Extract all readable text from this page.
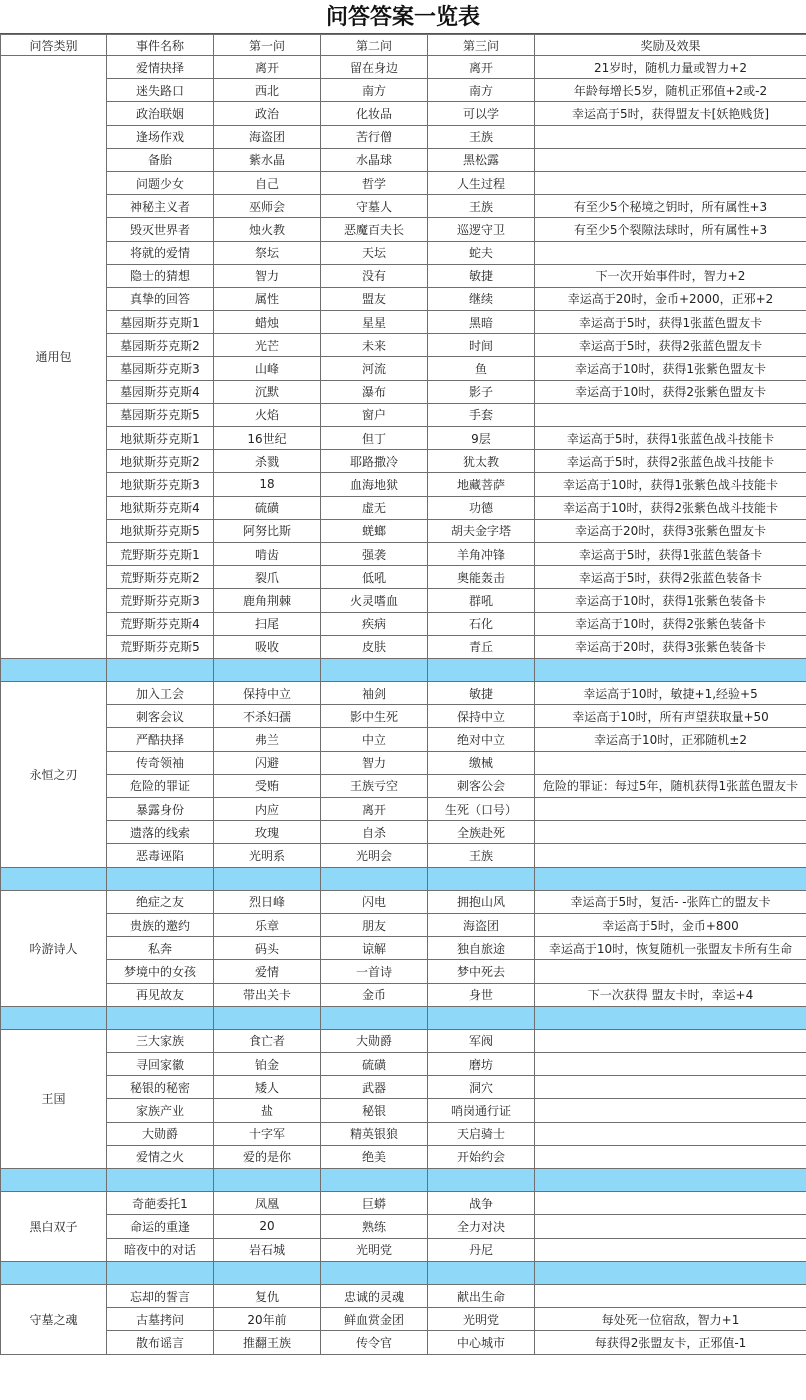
问答答案一览表
问答类别	事件名称	第一问	第二问	第三问	奖励及效果
通用包	爱情抉择	离开	留在身边	离开	21岁时，随机力量或智力+2
	迷失路口	西北	南方	南方	年龄每增长5岁，随机正邪值+2或-2
	政治联姻	政治	化妆品	可以学	幸运高于5时，获得盟友卡[妖艳贱货]
	逢场作戏	海盗团	苦行僧	王族	
	备胎	紫水晶	水晶球	黑松露	
	问题少女	自己	哲学	人生过程	
	神秘主义者	巫师会	守墓人	王族	有至少5个秘境之钥时，所有属性+3
	毁灭世界者	烛火教	恶魔百夫长	巡逻守卫	有至少5个裂隙法球时，所有属性+3
	将就的爱情	祭坛	天坛	蛇夫	
	隐士的猜想	智力	没有	敏捷	下一次开始事件时，智力+2
	真挚的回答	属性	盟友	继续	幸运高于20时，金币+2000，正邪+2
	墓园斯芬克斯1	蜡烛	星星	黑暗	幸运高于5时，获得1张蓝色盟友卡
	墓园斯芬克斯2	光芒	未来	时间	幸运高于5时，获得2张蓝色盟友卡
	墓园斯芬克斯3	山峰	河流	鱼	幸运高于10时，获得1张紫色盟友卡
	墓园斯芬克斯4	沉默	瀑布	影子	幸运高于10时，获得2张紫色盟友卡
	墓园斯芬克斯5	火焰	窗户	手套	
	地狱斯芬克斯1	16世纪	但丁	9层	幸运高于5时，获得1张蓝色战斗技能卡
	地狱斯芬克斯2	杀戮	耶路撒冷	犹太教	幸运高于5时，获得2张蓝色战斗技能卡
	地狱斯芬克斯3	18	血海地狱	地藏菩萨	幸运高于10时，获得1张紫色战斗技能卡
	地狱斯芬克斯4	硫磺	虚无	功德	幸运高于10时，获得2张紫色战斗技能卡
	地狱斯芬克斯5	阿努比斯	蜣螂	胡夫金字塔	幸运高于20时，获得3张紫色盟友卡
	荒野斯芬克斯1	啃齿	强袭	羊角冲锋	幸运高于5时，获得1张蓝色装备卡
	荒野斯芬克斯2	裂爪	低吼	奥能轰击	幸运高于5时，获得2张蓝色装备卡
	荒野斯芬克斯3	鹿角荆棘	火灵嗜血	群吼	幸运高于10时，获得1张紫色装备卡
	荒野斯芬克斯4	扫尾	疾病	石化	幸运高于10时，获得2张紫色装备卡
	荒野斯芬克斯5	吸收	皮肤	青丘	幸运高于20时，获得3张紫色装备卡

永恒之刃	加入工会	保持中立	袖剑	敏捷	幸运高于10时，敏捷+1,经验+5
	刺客会议	不杀妇孺	影中生死	保持中立	幸运高于10时，所有声望获取量+50
	严酷抉择	弗兰	中立	绝对中立	幸运高于10时，正邪随机±2
	传奇领袖	闪避	智力	缴械	
	危险的罪证	受贿	王族亏空	刺客公会	危险的罪证：每过5年，随机获得1张蓝色盟友卡
	暴露身份	内应	离开	生死（口号）	
	遗落的线索	玫瑰	自杀	全族赴死	
	恶毒诬陷	光明系	光明会	王族	

吟游诗人	绝症之友	烈日峰	闪电	拥抱山风	幸运高于5时，复活- -张阵亡的盟友卡
	贵族的邀约	乐章	朋友	海盗团	幸运高于5时，金币+800
	私奔	码头	谅解	独自旅途	幸运高于10时，恢复随机一张盟友卡所有生命
	梦境中的女孩	爱情	一首诗	梦中死去	
	再见故友	带出关卡	金币	身世	下一次获得 盟友卡时，幸运+4

王国	三大家族	食亡者	大勋爵	军阀	
	寻回家徽	铂金	硫磺	磨坊	
	秘银的秘密	矮人	武器	洞穴	
	家族产业	盐	秘银	哨岗通行证	
	大勋爵	十字军	精英银狼	天启骑士	
	爱情之火	爱的是你	绝美	开始约会	

黑白双子	奇葩委托1	凤凰	巨蟒	战争	
	命运的重逢	20	熟练	全力对决	
	暗夜中的对话	岩石城	光明党	丹尼	

守墓之魂	忘却的誓言	复仇	忠诚的灵魂	献出生命	
	古墓拷问	20年前	鲜血赏金团	光明党	每处死一位宿敌，智力+1
	散布谣言	推翻王族	传令官	中心城市	每获得2张盟友卡，正邪值-1
